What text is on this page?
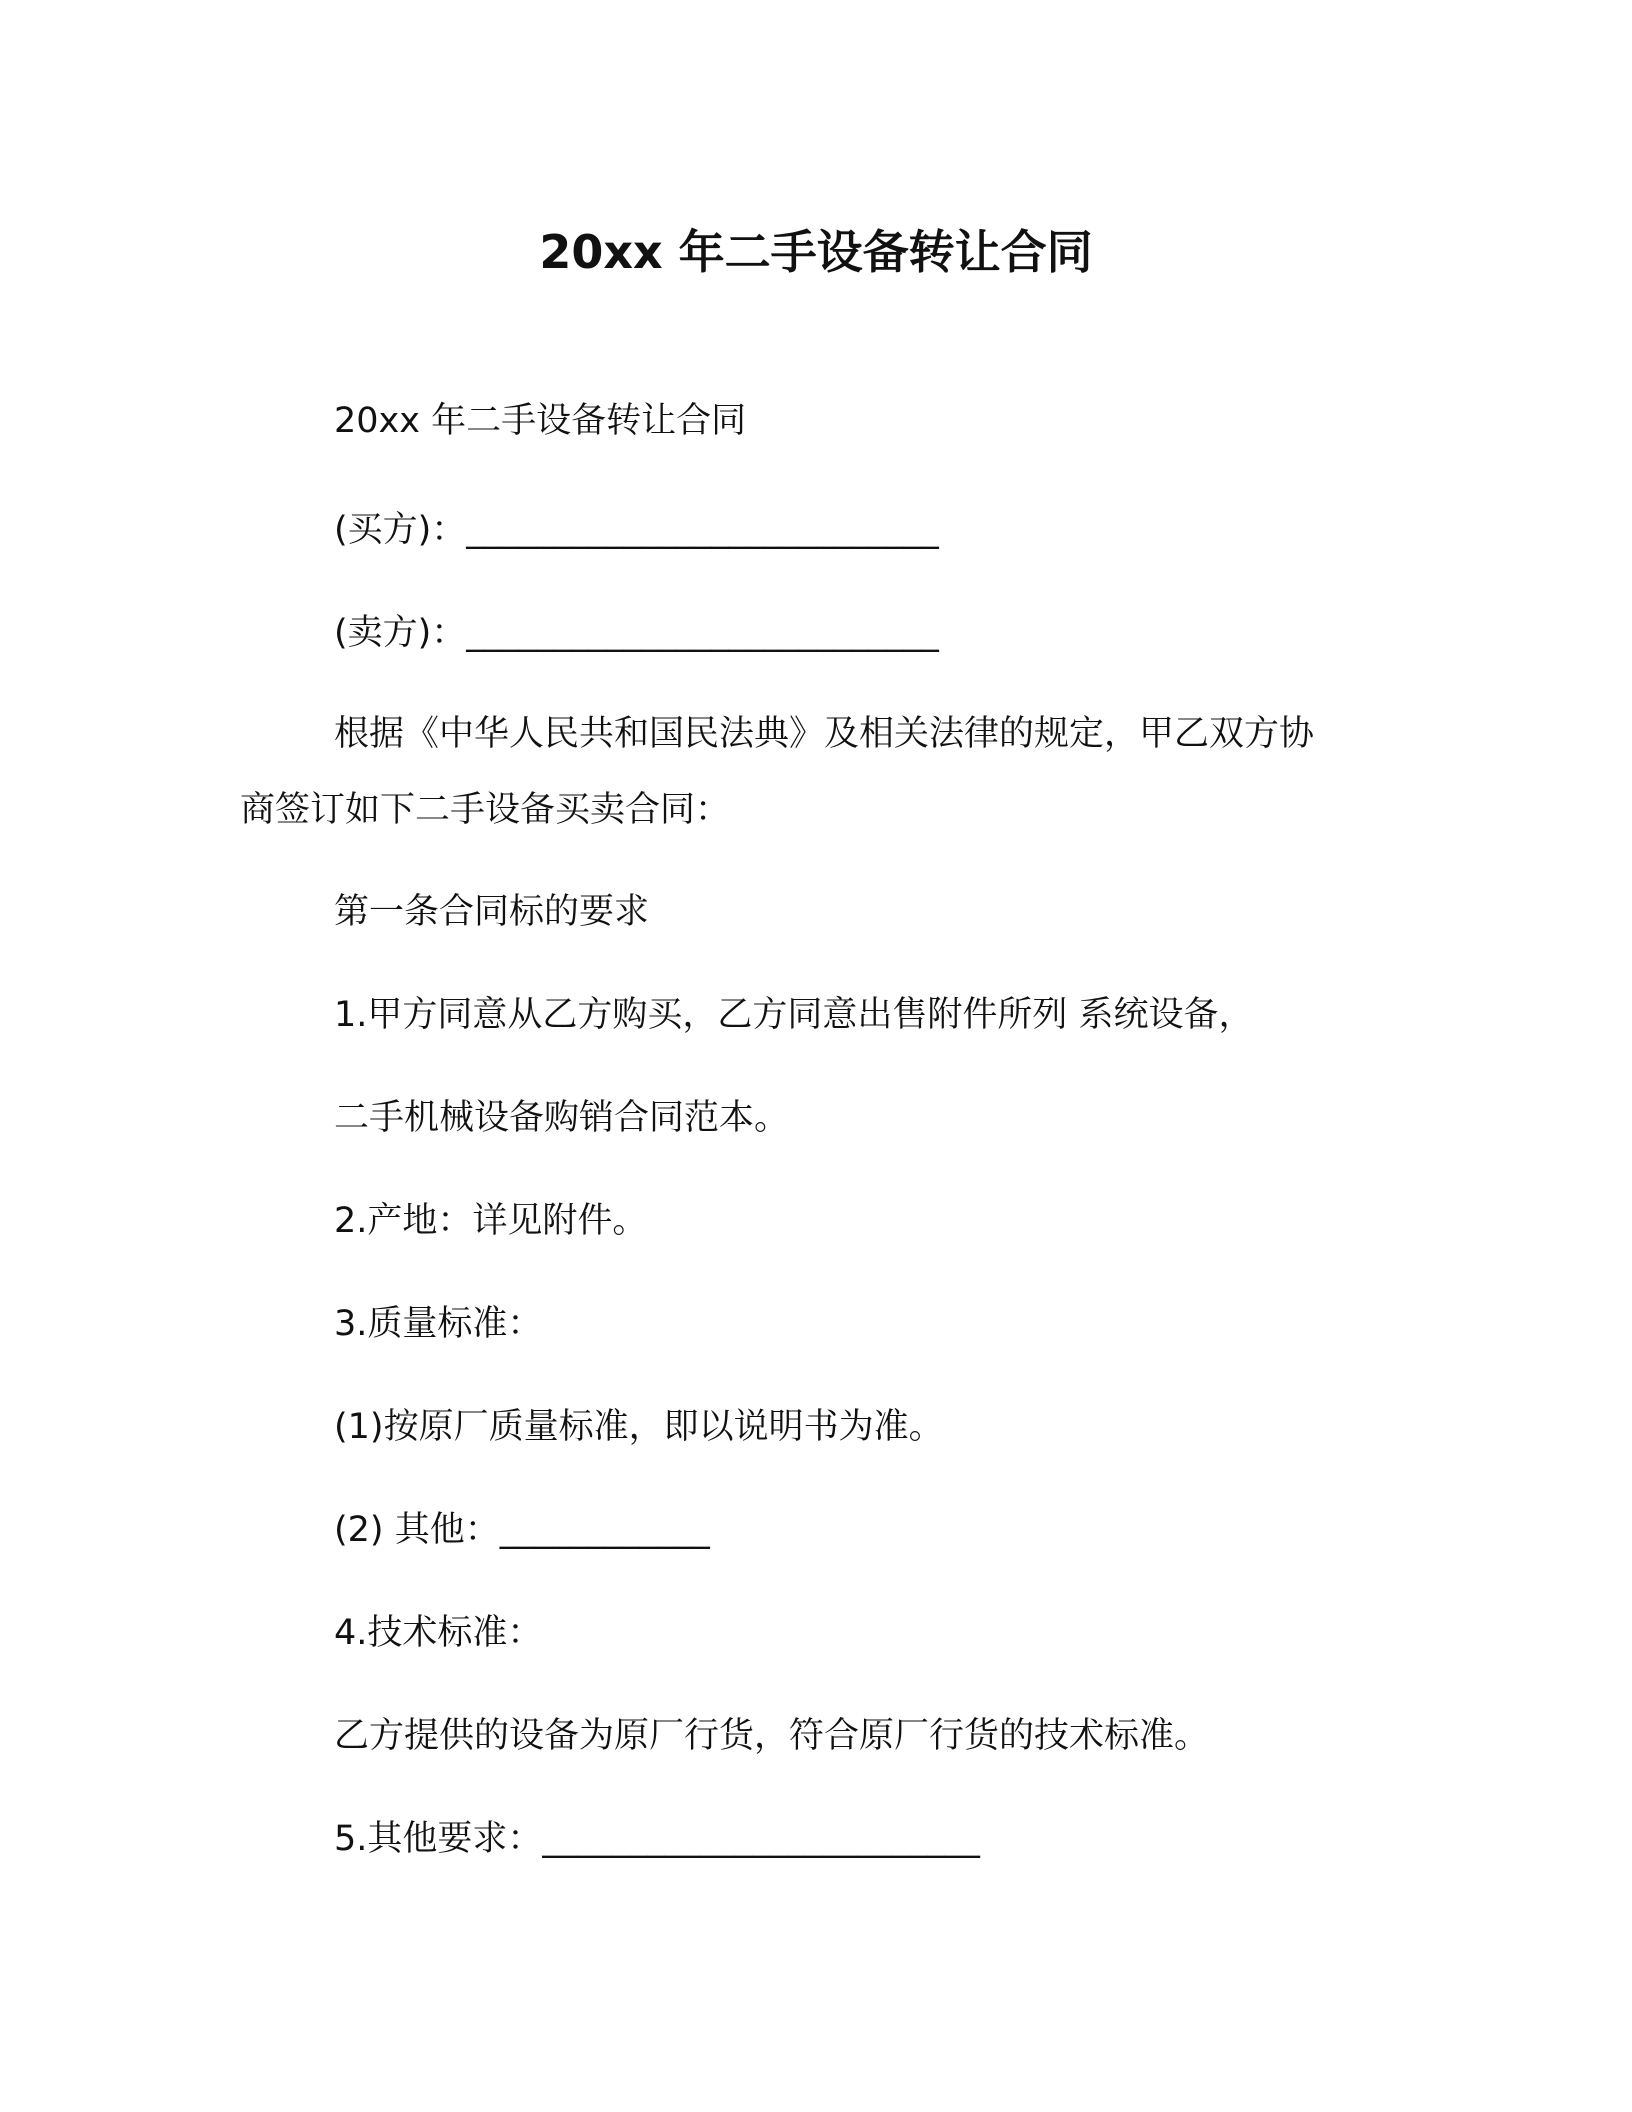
20xx 年二手设备转让合同
20xx 年二手设备转让合同
(买方)：___________________________
(卖方)：___________________________
根据《中华人民共和国民法典》及相关法律的规定，甲乙双方协
商签订如下二手设备买卖合同：
第一条合同标的要求
1.甲方同意从乙方购买，乙方同意出售附件所列 系统设备，
二手机械设备购销合同范本。
2.产地：详见附件。
3.质量标准：
(1)按原厂质量标准，即以说明书为准。
(2) 其他：____________
4.技术标准：
乙方提供的设备为原厂行货，符合原厂行货的技术标准。
5.其他要求：_________________________
